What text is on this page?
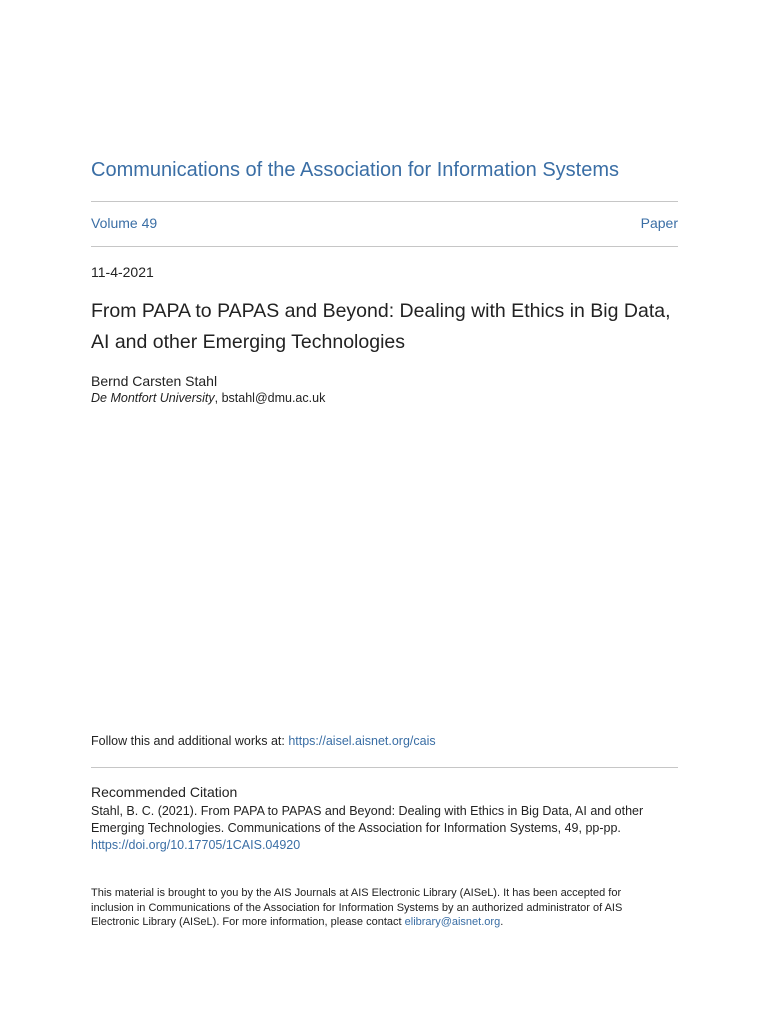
Communications of the Association for Information Systems
Volume 49	Paper
11-4-2021
From PAPA to PAPAS and Beyond: Dealing with Ethics in Big Data,
AI and other Emerging Technologies
Bernd Carsten Stahl
De Montfort University, bstahl@dmu.ac.uk
Follow this and additional works at: https://aisel.aisnet.org/cais
Recommended Citation
Stahl, B. C. (2021). From PAPA to PAPAS and Beyond: Dealing with Ethics in Big Data, AI and other
Emerging Technologies. Communications of the Association for Information Systems, 49, pp-pp.
https://doi.org/10.17705/1CAIS.04920
This material is brought to you by the AIS Journals at AIS Electronic Library (AISeL). It has been accepted for
inclusion in Communications of the Association for Information Systems by an authorized administrator of AIS
Electronic Library (AISeL). For more information, please contact elibrary@aisnet.org.
